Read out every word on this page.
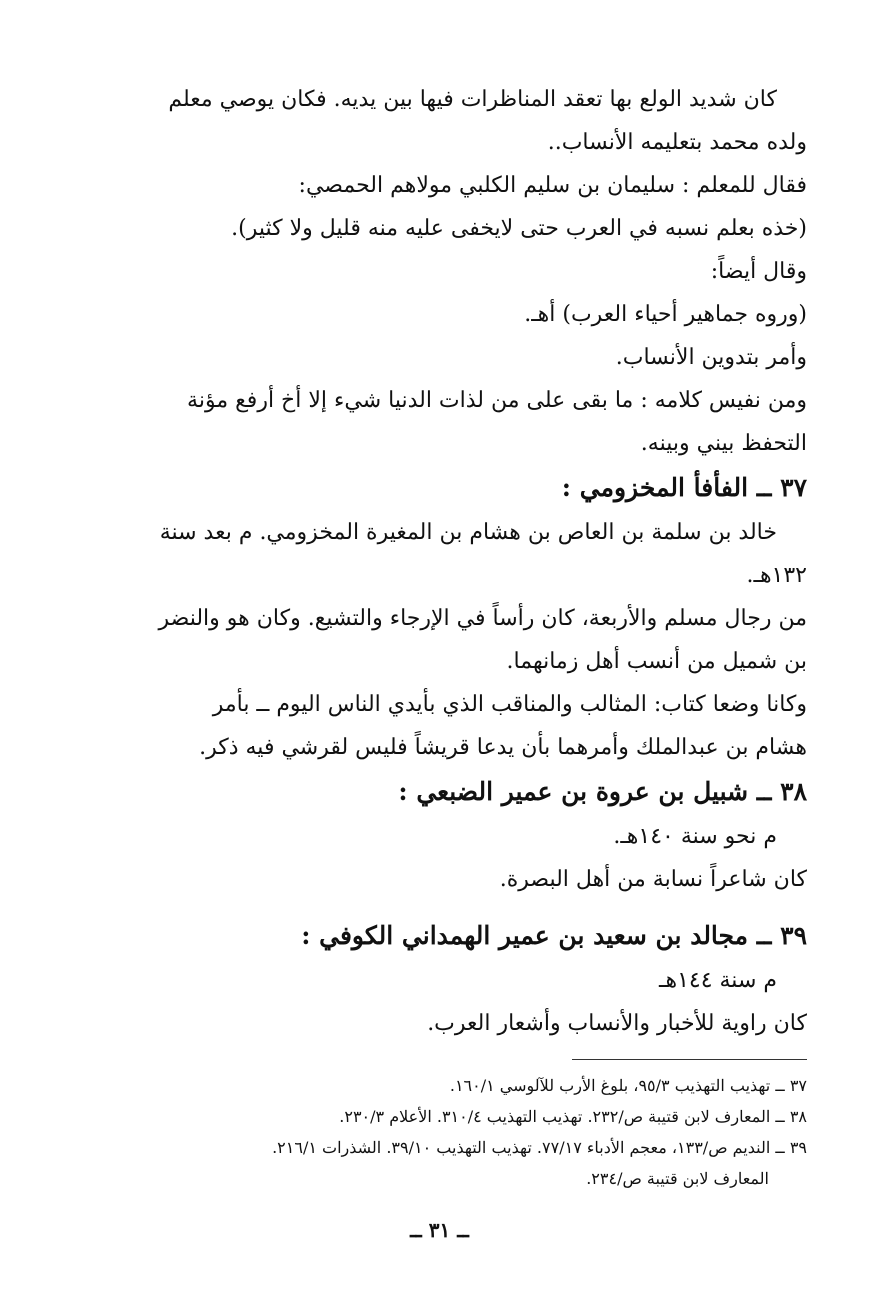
كان شديد الولع بها تعقد المناظرات فيها بين يديه. فكان يوصي معلم

ولده محمد بتعليمه الأنساب..

فقال للمعلم : سليمان بن سليم الكلبي مولاهم الحمصي:

(خذه بعلم نسبه في العرب حتى لايخفى عليه منه قليل ولا كثير).

وقال أيضاً:

(وروه جماهير أحياء العرب) أهـ.

وأمر بتدوين الأنساب.

ومن نفيس كلامه : ما بقى على من لذات الدنيا شيء إلا أخ أرفع مؤنة

التحفظ بيني وبينه.

٣٧ ــ الفأفأ المخزومي :

خالد بن سلمة بن العاص بن هشام بن المغيرة المخزومي. م بعد سنة

١٣٢هـ.

من رجال مسلم والأربعة، كان رأساً في الإرجاء والتشيع. وكان هو والنضر

بن شميل من أنسب أهل زمانهما.

وكانا وضعا كتاب: المثالب والمناقب الذي بأيدي الناس اليوم ــ بأمر

هشام بن عبدالملك وأمرهما بأن يدعا قريشاً فليس لقرشي فيه ذكر.

٣٨ ــ شبيل بن عروة بن عمير الضبعي :

م نحو سنة ١٤٠هـ.

كان شاعراً نسابة من أهل البصرة.

٣٩ ــ مجالد بن سعيد بن عمير الهمداني الكوفي :

م سنة ١٤٤هـ

كان راوية للأخبار والأنساب وأشعار العرب.

٣٧ ــ تهذيب التهذيب ٩٥/٣، بلوغ الأرب للآلوسي ١٦٠/١.

٣٨ ــ المعارف لابن قتيبة ص/٢٣٢. تهذيب التهذيب ٣١٠/٤. الأعلام ٢٣٠/٣.

٣٩ ــ النديم ص/١٣٣، معجم الأدباء ٧٧/١٧. تهذيب التهذيب ٣٩/١٠. الشذرات ٢١٦/١.

المعارف لابن قتيبة ص/٢٣٤.

ــ ٣١ ــ
